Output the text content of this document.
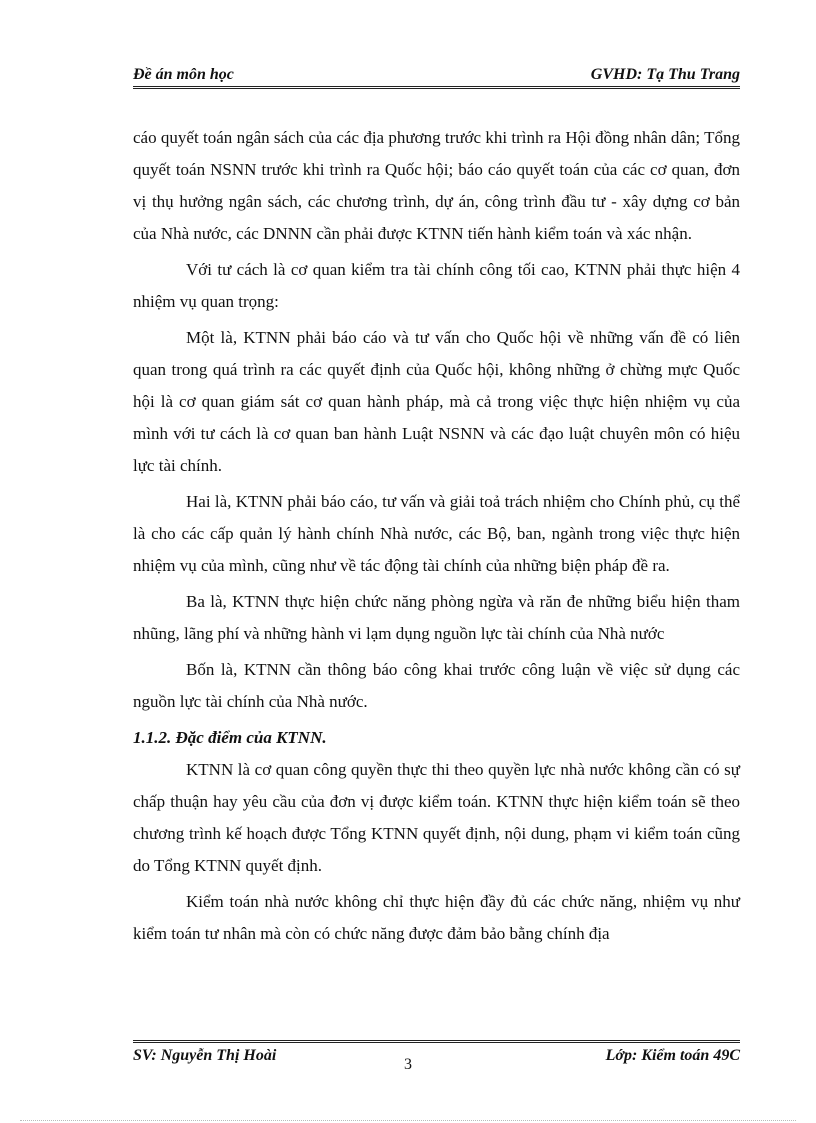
Đề án môn học	GVHD: Tạ Thu Trang

cáo quyết toán ngân sách của các địa phương trước khi trình ra Hội đồng nhân dân; Tổng quyết toán NSNN trước khi trình ra Quốc hội; báo cáo quyết toán của các cơ quan, đơn vị thụ hưởng ngân sách, các chương trình, dự án, công trình đầu tư - xây dựng cơ bản của Nhà nước, các DNNN cần phải được KTNN tiến hành kiểm toán và xác nhận.

Với tư cách là cơ quan kiểm tra tài chính công tối cao, KTNN phải thực hiện 4 nhiệm vụ quan trọng:

Một là, KTNN phải báo cáo và tư vấn cho Quốc hội về những vấn đề có liên quan trong quá trình ra các quyết định của Quốc hội, không những ở chừng mực Quốc hội là cơ quan giám sát cơ quan hành pháp, mà cả trong việc thực hiện nhiệm vụ của mình với tư cách là cơ quan ban hành Luật NSNN và các đạo luật chuyên môn có hiệu lực tài chính.

Hai là, KTNN phải báo cáo, tư vấn và giải toả trách nhiệm cho Chính phủ, cụ thể là cho các cấp quản lý hành chính Nhà nước, các Bộ, ban, ngành trong việc thực hiện nhiệm vụ của mình, cũng như về tác động tài chính của những biện pháp đề ra.

Ba là, KTNN thực hiện chức năng phòng ngừa và răn đe những biểu hiện tham nhũng, lãng phí và những hành vi lạm dụng nguồn lực tài chính của Nhà nước

Bốn là, KTNN cần thông báo công khai trước công luận về việc sử dụng các nguồn lực tài chính của Nhà nước.

1.1.2. Đặc điểm của KTNN.

KTNN là cơ quan công quyền thực thi theo quyền lực nhà nước không cần có sự chấp thuận hay yêu cầu của đơn vị được kiểm toán. KTNN thực hiện kiểm toán sẽ theo chương trình kế hoạch được Tổng KTNN quyết định, nội dung, phạm vi kiểm toán cũng do Tổng KTNN quyết định.

Kiểm toán nhà nước không chỉ thực hiện đầy đủ các chức năng, nhiệm vụ như kiểm toán tư nhân mà còn có chức năng được đảm bảo bằng chính địa

SV: Nguyễn Thị Hoài	Lớp: Kiểm toán 49C
3
